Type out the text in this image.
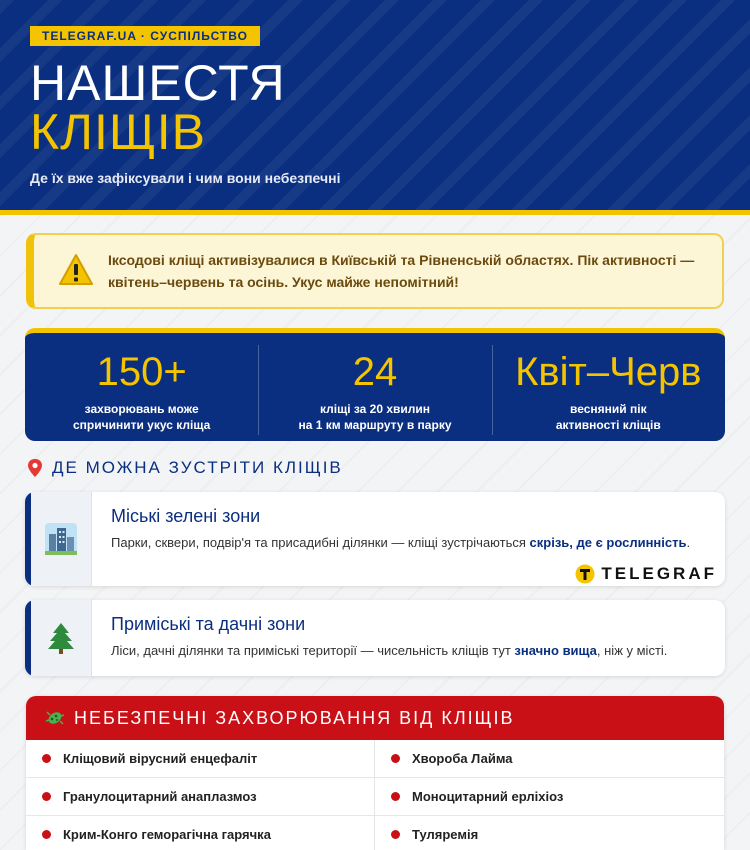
TELEGRAF.UA · СУСПІЛЬСТВО
НАШЕСТЯ
КЛІЩІВ
Де їх вже зафіксували і чим вони небезпечні
Іксодові кліщі активізувалися в Київській та Рівненській областях. Пік активності — квітень–червень та осінь. Укус майже непомітний!
150+
захворювань може
спричинити укус кліща
24
кліщі за 20 хвилин
на 1 км маршруту в парку
Квіт–Черв
весняний пік
активності кліщів
ДЕ МОЖНА ЗУСТРІТИ КЛІЩІВ
Міські зелені зони
Парки, сквери, подвір'я та присадибні ділянки — кліщі зустрічаються скрізь, де є рослинність.
TELEGRAF
Приміські та дачні зони
Ліси, дачні ділянки та приміські території — чисельність кліщів тут значно вища, ніж у місті.
НЕБЕЗПЕЧНІ ЗАХВОРЮВАННЯ ВІД КЛІЩІВ
Кліщовий вірусний енцефаліт	Хвороба Лайма
Гранулоцитарний анаплазмоз	Моноцитарний ерліхіоз
Крим-Конго геморагічна гарячка	Туляремія
